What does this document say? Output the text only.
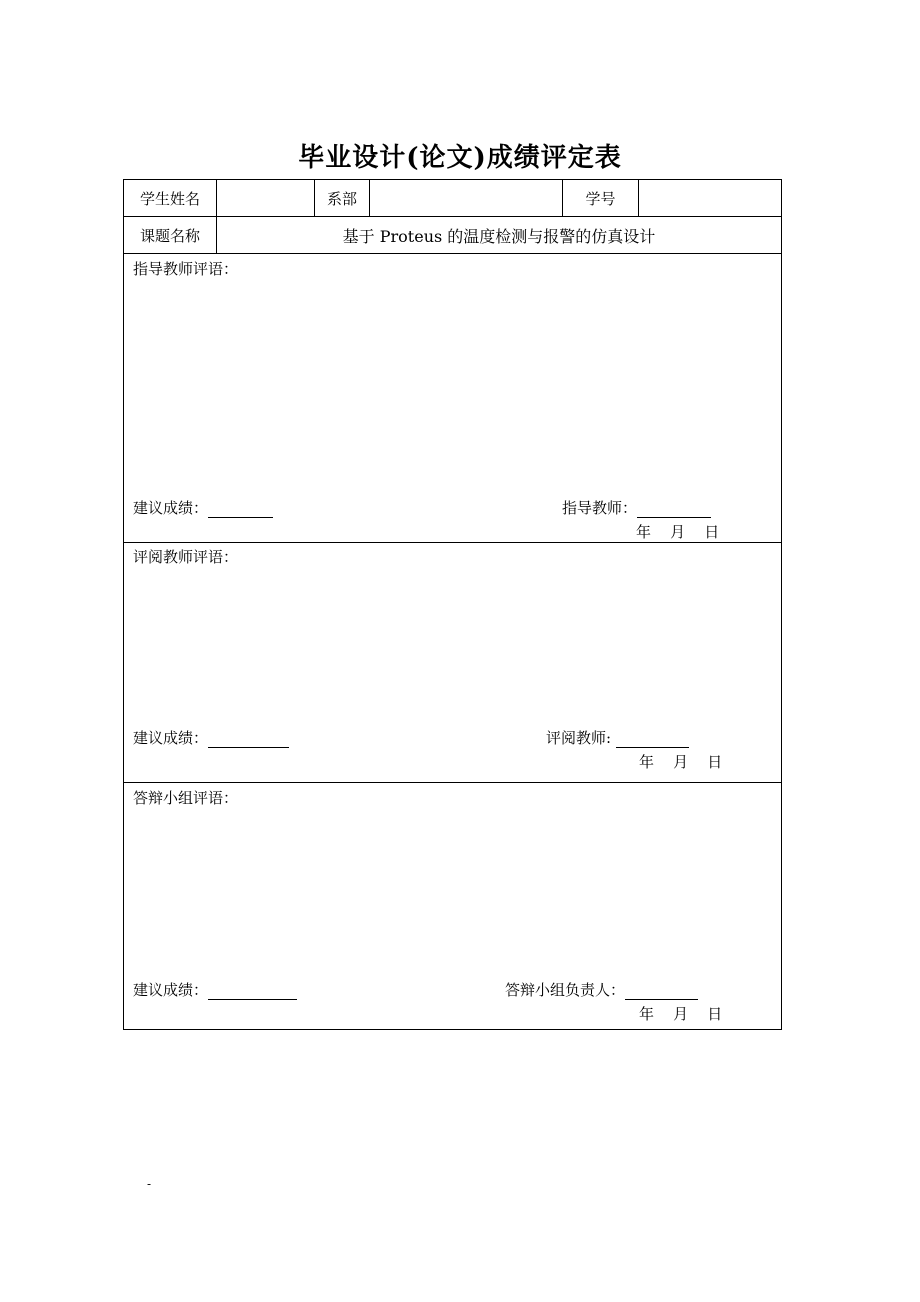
毕业设计(论文)成绩评定表
学生姓名	系部	学号
课题名称	基于 Proteus 的温度检测与报警的仿真设计
指导教师评语：
建议成绩：	指导教师：
年 月 日
评阅教师评语：
建议成绩：	评阅教师:
年 月 日
答辩小组评语：
建议成绩：	答辩小组负责人：
年 月 日
-
